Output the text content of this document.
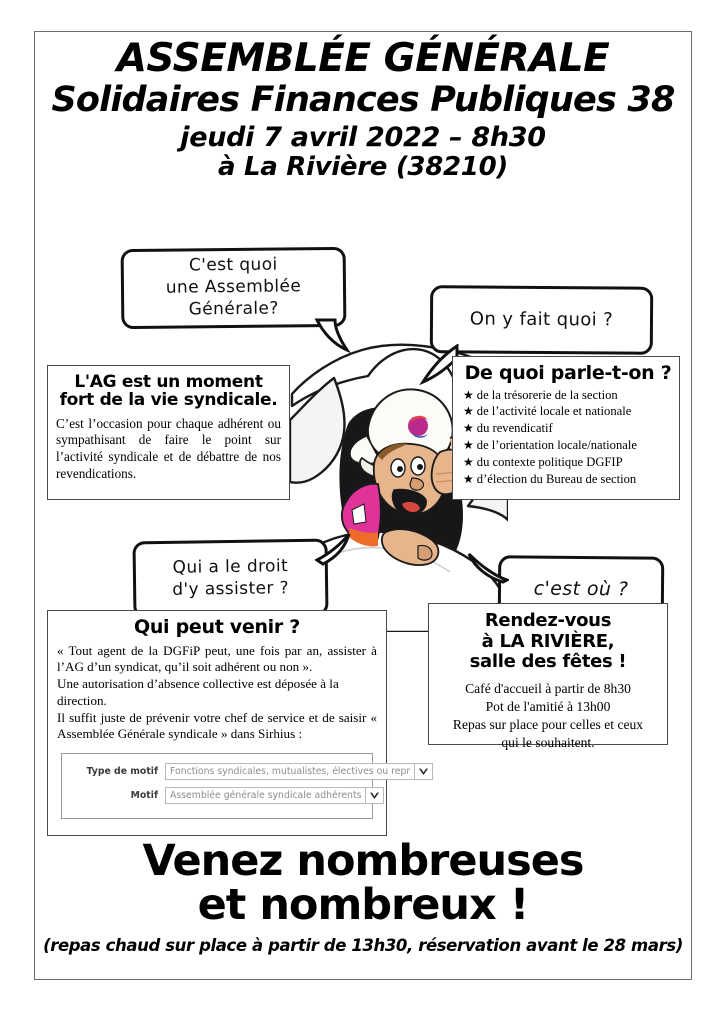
ASSEMBLÉE GÉNÉRALE
Solidaires Finances Publiques 38
jeudi 7 avril 2022 – 8h30
à La Rivière (38210)
C'est quoi
une Assemblée Générale?
On y fait quoi ?
Qui a le droit
d'y assister ?	c'est où ?
L'AG est un moment
fort de la vie syndicale.
C’est l’occasion pour chaque adhérent ou sympathisant de faire le point sur l’activité syndicale et de débattre de nos revendications.
De quoi parle-t-on ?
★ de la trésorerie de la section
★ de l’activité locale et nationale
★ du revendicatif
★ de l’orientation locale/nationale
★ du contexte politique DGFIP
★ d’élection du Bureau de section
Qui peut venir ?
« Tout agent de la DGFiP peut, une fois par an, assister à l’AG d’un syndicat, qu’il soit adhérent ou non ».
Une autorisation d’absence collective est déposée à la direction.
Il suffit juste de prévenir votre chef de service et de saisir « Assemblée Générale syndicale » dans Sirhius :
Type de motif	Fonctions syndicales, mutualistes, électives ou repr
Motif	Assemblée générale syndicale adhérents
Rendez-vous
à LA RIVIÈRE,
salle des fêtes !
Café d'accueil à partir de 8h30
Pot de l'amitié à 13h00
Repas sur place pour celles et ceux
qui le souhaitent.
Venez nombreuses
et nombreux !
(repas chaud sur place à partir de 13h30, réservation avant le 28 mars)
